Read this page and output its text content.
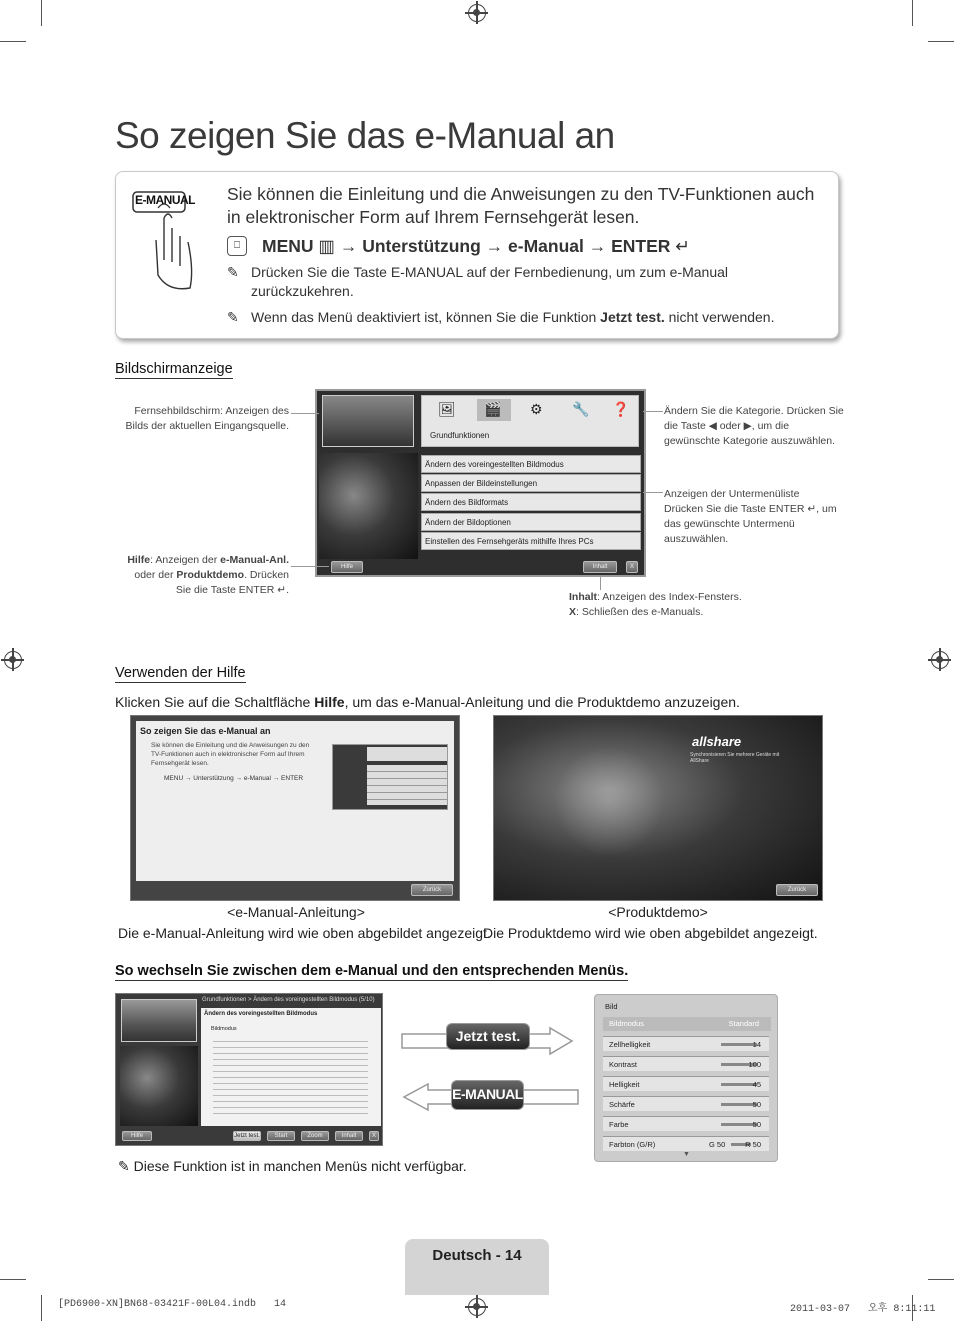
So zeigen Sie das e-Manual an
E-MANUAL Sie können die Einleitung und die Anweisungen zu den TV-Funktionen auch in elektronischer Form auf Ihrem Fernsehgerät lesen.
⎕	MENU ▥ → Unterstützung → e-Manual → ENTER ↵
✎ Drücken Sie die Taste E-MANUAL auf der Fernbedienung, um zum e-Manual zurückzukehren.
✎ Wenn das Menü deaktiviert ist, können Sie die Funktion Jetzt test. nicht verwenden.
Bildschirmanzeige
🖼 🎬 ⚙ 🔧 ❓
Grundfunktionen
Ändern des voreingestellten Bildmodus
Anpassen der Bildeinstellungen
Ändern des Bildformats
Ändern der Bildoptionen
Einstellen des Fernsehgeräts mithilfe Ihres PCs
Hilfe	Inhalt	X
Fernsehbildschirm: Anzeigen des Bilds der aktuellen Eingangsquelle.
Ändern Sie die Kategorie. Drücken Sie die Taste ◀ oder ▶, um die gewünschte Kategorie auszuwählen.
Anzeigen der Untermenüliste
Drücken Sie die Taste ENTER ↵, um das gewünschte Untermenü auszuwählen.
Hilfe: Anzeigen der e-Manual-Anl.
oder der Produktdemo. Drücken
Sie die Taste ENTER ↵.
Inhalt: Anzeigen des Index-Fensters.
X: Schließen des e-Manuals.
Verwenden der Hilfe
Klicken Sie auf die Schaltfläche Hilfe, um das e-Manual-Anleitung und die Produktdemo anzuzeigen.
So zeigen Sie das e-Manual an
Sie können die Einleitung und die Anweisungen zu den TV-Funktionen auch in elektronischer Form auf Ihrem Fernsehgerät lesen.
MENU → Unterstützung → e-Manual → ENTER
Zurück
allshare
Synchronisieren Sie mehrere Geräte mit AllShare
Zurück
<e-Manual-Anleitung>	<Produktdemo>
Die e-Manual-Anleitung wird wie oben abgebildet angezeigt.
Die Produktdemo wird wie oben abgebildet angezeigt.
So wechseln Sie zwischen dem e-Manual und den entsprechenden Menüs.
Grundfunktionen > Ändern des voreingestellten Bildmodus (5/10)
Ändern des voreingestellten Bildmodus
Bildmodus
Hilfe	Jetzt test.	Start	Zoom	Inhalt	X
Jetzt test.
E-MANUAL
Bild
Bildmodus	Standard
Zellhelligkeit	14
Kontrast	100
Helligkeit	45
Schärfe	50
Farbe	50
Farbton (G/R)	G 50	R 50
▼
✎ Diese Funktion ist in manchen Menüs nicht verfügbar.
Deutsch - 14
[PD6900-XN]BN68-03421F-00L04.indb   14	2011-03-07   오후 8:11:11
